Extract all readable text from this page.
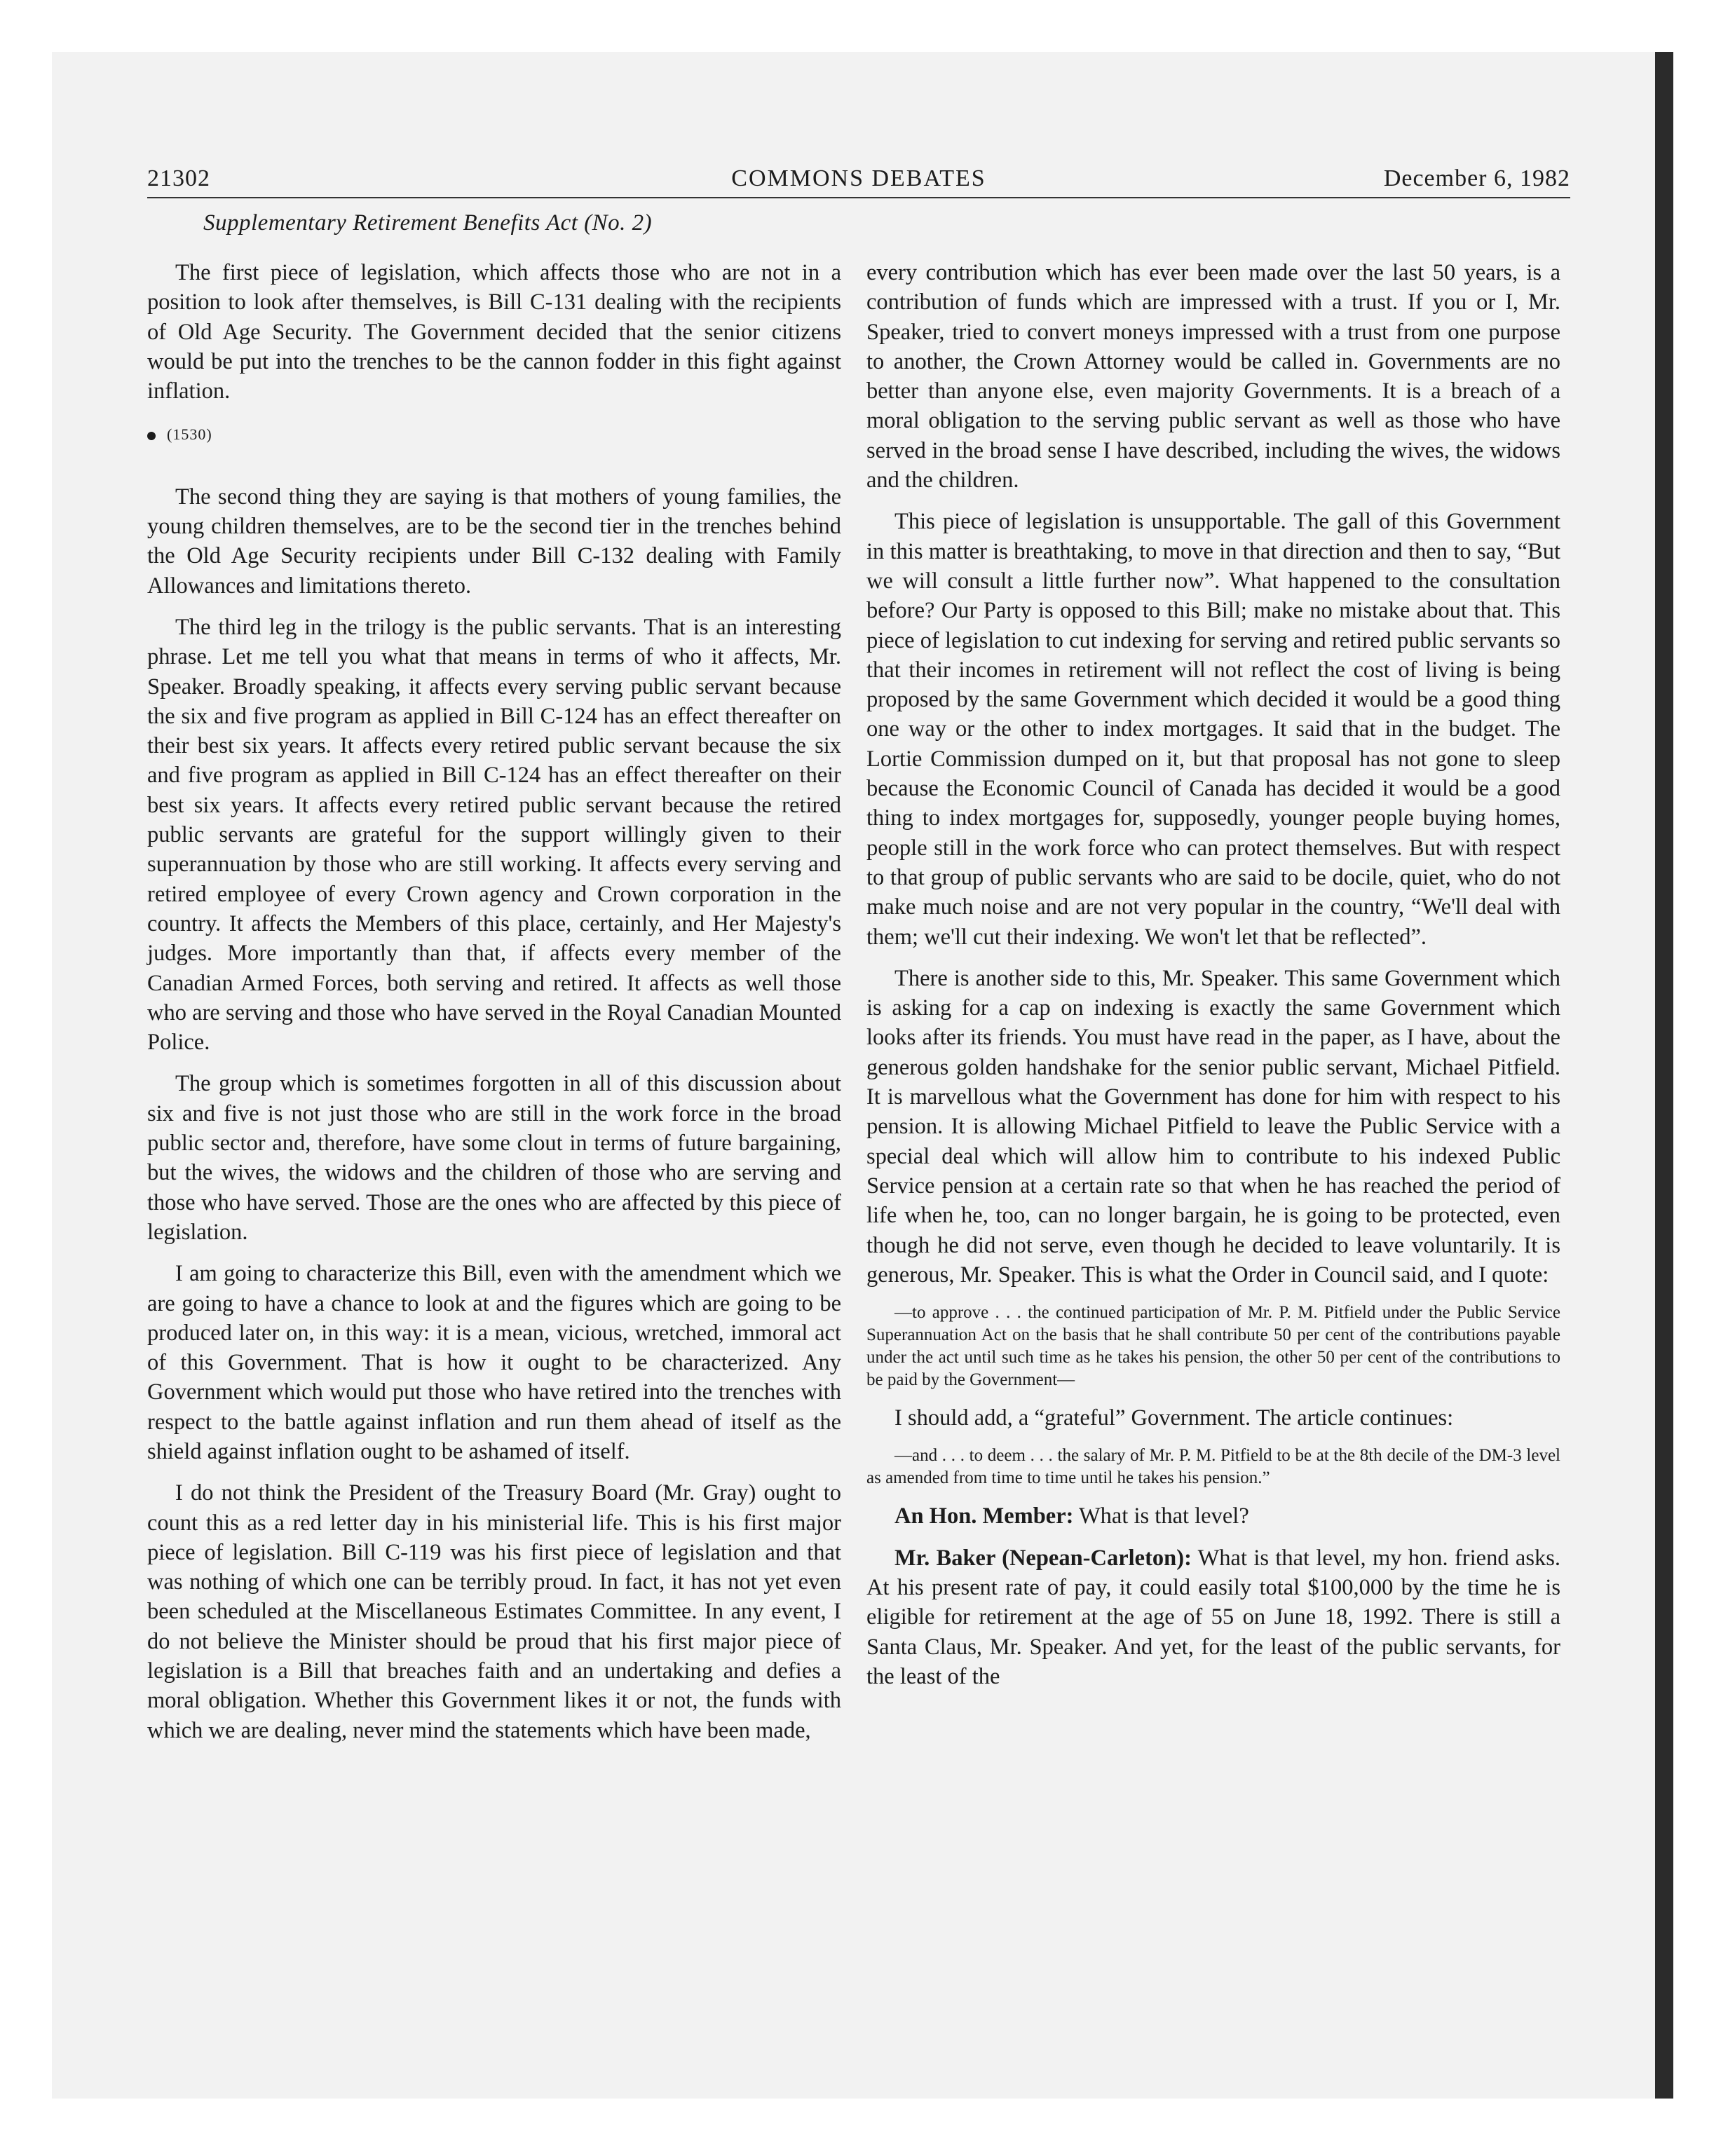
21302	COMMONS DEBATES	December 6, 1982
Supplementary Retirement Benefits Act (No. 2)

The first piece of legislation, which affects those who are not in a position to look after themselves, is Bill C-131 dealing with the recipients of Old Age Security. The Government decided that the senior citizens would be put into the trenches to be the cannon fodder in this fight against inflation.

(1530)

The second thing they are saying is that mothers of young families, the young children themselves, are to be the second tier in the trenches behind the Old Age Security recipients under Bill C-132 dealing with Family Allowances and limitations thereto.

The third leg in the trilogy is the public servants. That is an interesting phrase. Let me tell you what that means in terms of who it affects, Mr. Speaker. Broadly speaking, it affects every serving public servant because the six and five program as applied in Bill C-124 has an effect thereafter on their best six years. It affects every retired public servant because the six and five program as applied in Bill C-124 has an effect thereafter on their best six years. It affects every retired public servant because the retired public servants are grateful for the support willingly given to their superannuation by those who are still working. It affects every serving and retired employee of every Crown agency and Crown corporation in the country. It affects the Members of this place, certainly, and Her Majesty's judges. More importantly than that, if affects every member of the Canadian Armed Forces, both serving and retired. It affects as well those who are serving and those who have served in the Royal Canadian Mounted Police.

The group which is sometimes forgotten in all of this discussion about six and five is not just those who are still in the work force in the broad public sector and, therefore, have some clout in terms of future bargaining, but the wives, the widows and the children of those who are serving and those who have served. Those are the ones who are affected by this piece of legislation.

I am going to characterize this Bill, even with the amendment which we are going to have a chance to look at and the figures which are going to be produced later on, in this way: it is a mean, vicious, wretched, immoral act of this Government. That is how it ought to be characterized. Any Government which would put those who have retired into the trenches with respect to the battle against inflation and run them ahead of itself as the shield against inflation ought to be ashamed of itself.

I do not think the President of the Treasury Board (Mr. Gray) ought to count this as a red letter day in his ministerial life. This is his first major piece of legislation. Bill C-119 was his first piece of legislation and that was nothing of which one can be terribly proud. In fact, it has not yet even been scheduled at the Miscellaneous Estimates Committee. In any event, I do not believe the Minister should be proud that his first major piece of legislation is a Bill that breaches faith and an undertaking and defies a moral obligation. Whether this Government likes it or not, the funds with which we are dealing, never mind the statements which have been made,

every contribution which has ever been made over the last 50 years, is a contribution of funds which are impressed with a trust. If you or I, Mr. Speaker, tried to convert moneys impressed with a trust from one purpose to another, the Crown Attorney would be called in. Governments are no better than anyone else, even majority Governments. It is a breach of a moral obligation to the serving public servant as well as those who have served in the broad sense I have described, including the wives, the widows and the children.

This piece of legislation is unsupportable. The gall of this Government in this matter is breathtaking, to move in that direction and then to say, “But we will consult a little further now”. What happened to the consultation before? Our Party is opposed to this Bill; make no mistake about that. This piece of legislation to cut indexing for serving and retired public servants so that their incomes in retirement will not reflect the cost of living is being proposed by the same Government which decided it would be a good thing one way or the other to index mortgages. It said that in the budget. The Lortie Commission dumped on it, but that proposal has not gone to sleep because the Economic Council of Canada has decided it would be a good thing to index mortgages for, supposedly, younger people buying homes, people still in the work force who can protect themselves. But with respect to that group of public servants who are said to be docile, quiet, who do not make much noise and are not very popular in the country, “We'll deal with them; we'll cut their indexing. We won't let that be reflected”.

There is another side to this, Mr. Speaker. This same Government which is asking for a cap on indexing is exactly the same Government which looks after its friends. You must have read in the paper, as I have, about the generous golden handshake for the senior public servant, Michael Pitfield. It is marvellous what the Government has done for him with respect to his pension. It is allowing Michael Pitfield to leave the Public Service with a special deal which will allow him to contribute to his indexed Public Service pension at a certain rate so that when he has reached the period of life when he, too, can no longer bargain, he is going to be protected, even though he did not serve, even though he decided to leave voluntarily. It is generous, Mr. Speaker. This is what the Order in Council said, and I quote:

—to approve . . . the continued participation of Mr. P. M. Pitfield under the Public Service Superannuation Act on the basis that he shall contribute 50 per cent of the contributions payable under the act until such time as he takes his pension, the other 50 per cent of the contributions to be paid by the Government—

I should add, a “grateful” Government. The article continues:

—and . . . to deem . . . the salary of Mr. P. M. Pitfield to be at the 8th decile of the DM-3 level as amended from time to time until he takes his pension.”

An Hon. Member: What is that level?

Mr. Baker (Nepean-Carleton): What is that level, my hon. friend asks. At his present rate of pay, it could easily total $100,000 by the time he is eligible for retirement at the age of 55 on June 18, 1992. There is still a Santa Claus, Mr. Speaker. And yet, for the least of the public servants, for the least of the
